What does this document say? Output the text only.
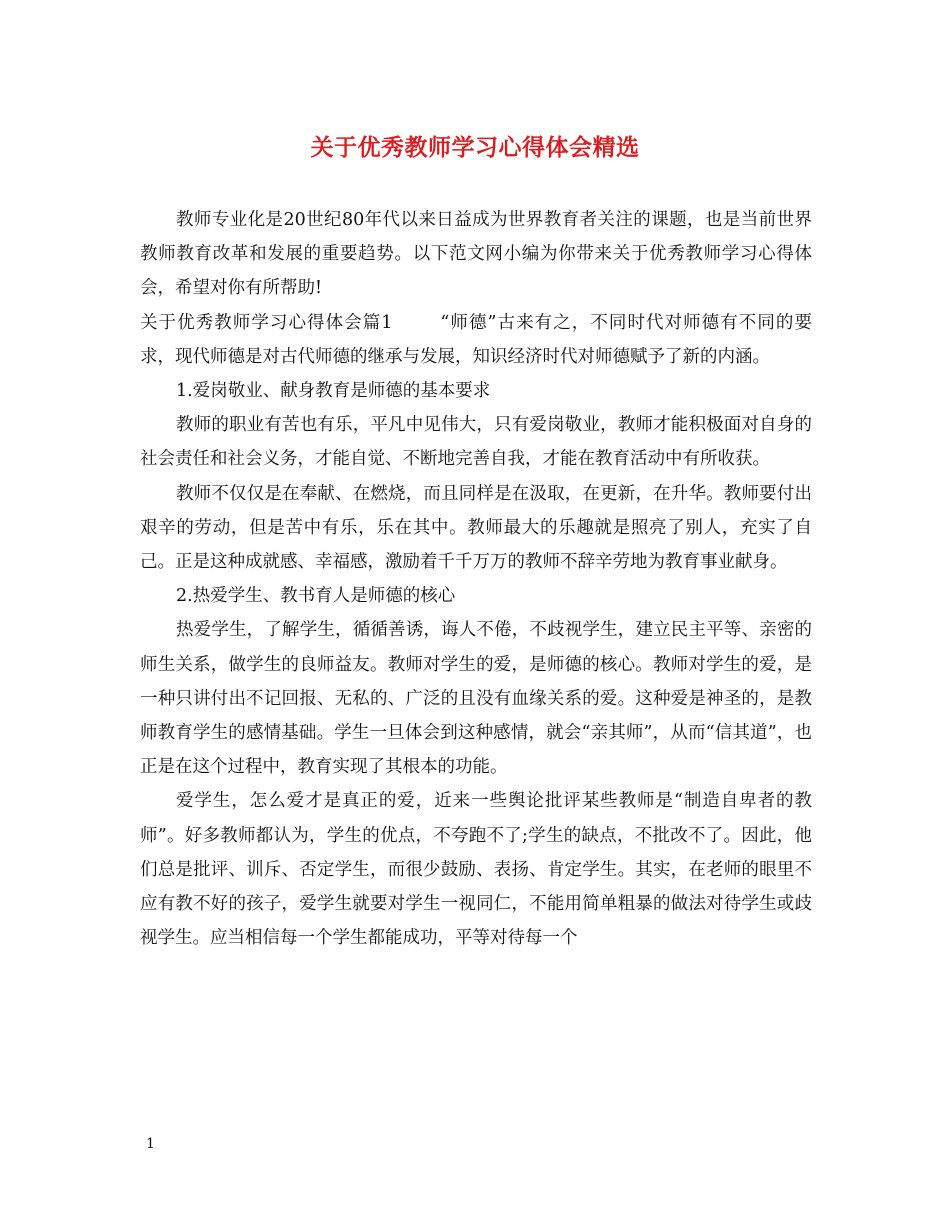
关于优秀教师学习心得体会精选

教师专业化是20世纪80年代以来日益成为世界教育者关注的课题，也是当前世界教师教育改革和发展的重要趋势。以下范文网小编为你带来关于优秀教师学习心得体会，希望对你有所帮助!

关于优秀教师学习心得体会篇1	“师德”古来有之，不同时代对师德有不同的要求，现代师德是对古代师德的继承与发展，知识经济时代对师德赋予了新的内涵。

1.爱岗敬业、献身教育是师德的基本要求

教师的职业有苦也有乐，平凡中见伟大，只有爱岗敬业，教师才能积极面对自身的社会责任和社会义务，才能自觉、不断地完善自我，才能在教育活动中有所收获。

教师不仅仅是在奉献、在燃烧，而且同样是在汲取，在更新，在升华。教师要付出艰辛的劳动，但是苦中有乐，乐在其中。教师最大的乐趣就是照亮了别人，充实了自己。正是这种成就感、幸福感，激励着千千万万的教师不辞辛劳地为教育事业献身。

2.热爱学生、教书育人是师德的核心

热爱学生，了解学生，循循善诱，诲人不倦，不歧视学生，建立民主平等、亲密的师生关系，做学生的良师益友。教师对学生的爱，是师德的核心。教师对学生的爱，是一种只讲付出不记回报、无私的、广泛的且没有血缘关系的爱。这种爱是神圣的，是教师教育学生的感情基础。学生一旦体会到这种感情，就会“亲其师”，从而“信其道”，也正是在这个过程中，教育实现了其根本的功能。

爱学生，怎么爱才是真正的爱，近来一些舆论批评某些教师是“制造自卑者的教师”。好多教师都认为，学生的优点，不夸跑不了;学生的缺点，不批改不了。因此，他们总是批评、训斥、否定学生，而很少鼓励、表扬、肯定学生。其实，在老师的眼里不应有教不好的孩子，爱学生就要对学生一视同仁，不能用简单粗暴的做法对待学生或歧视学生。应当相信每一个学生都能成功，平等对待每一个

1
